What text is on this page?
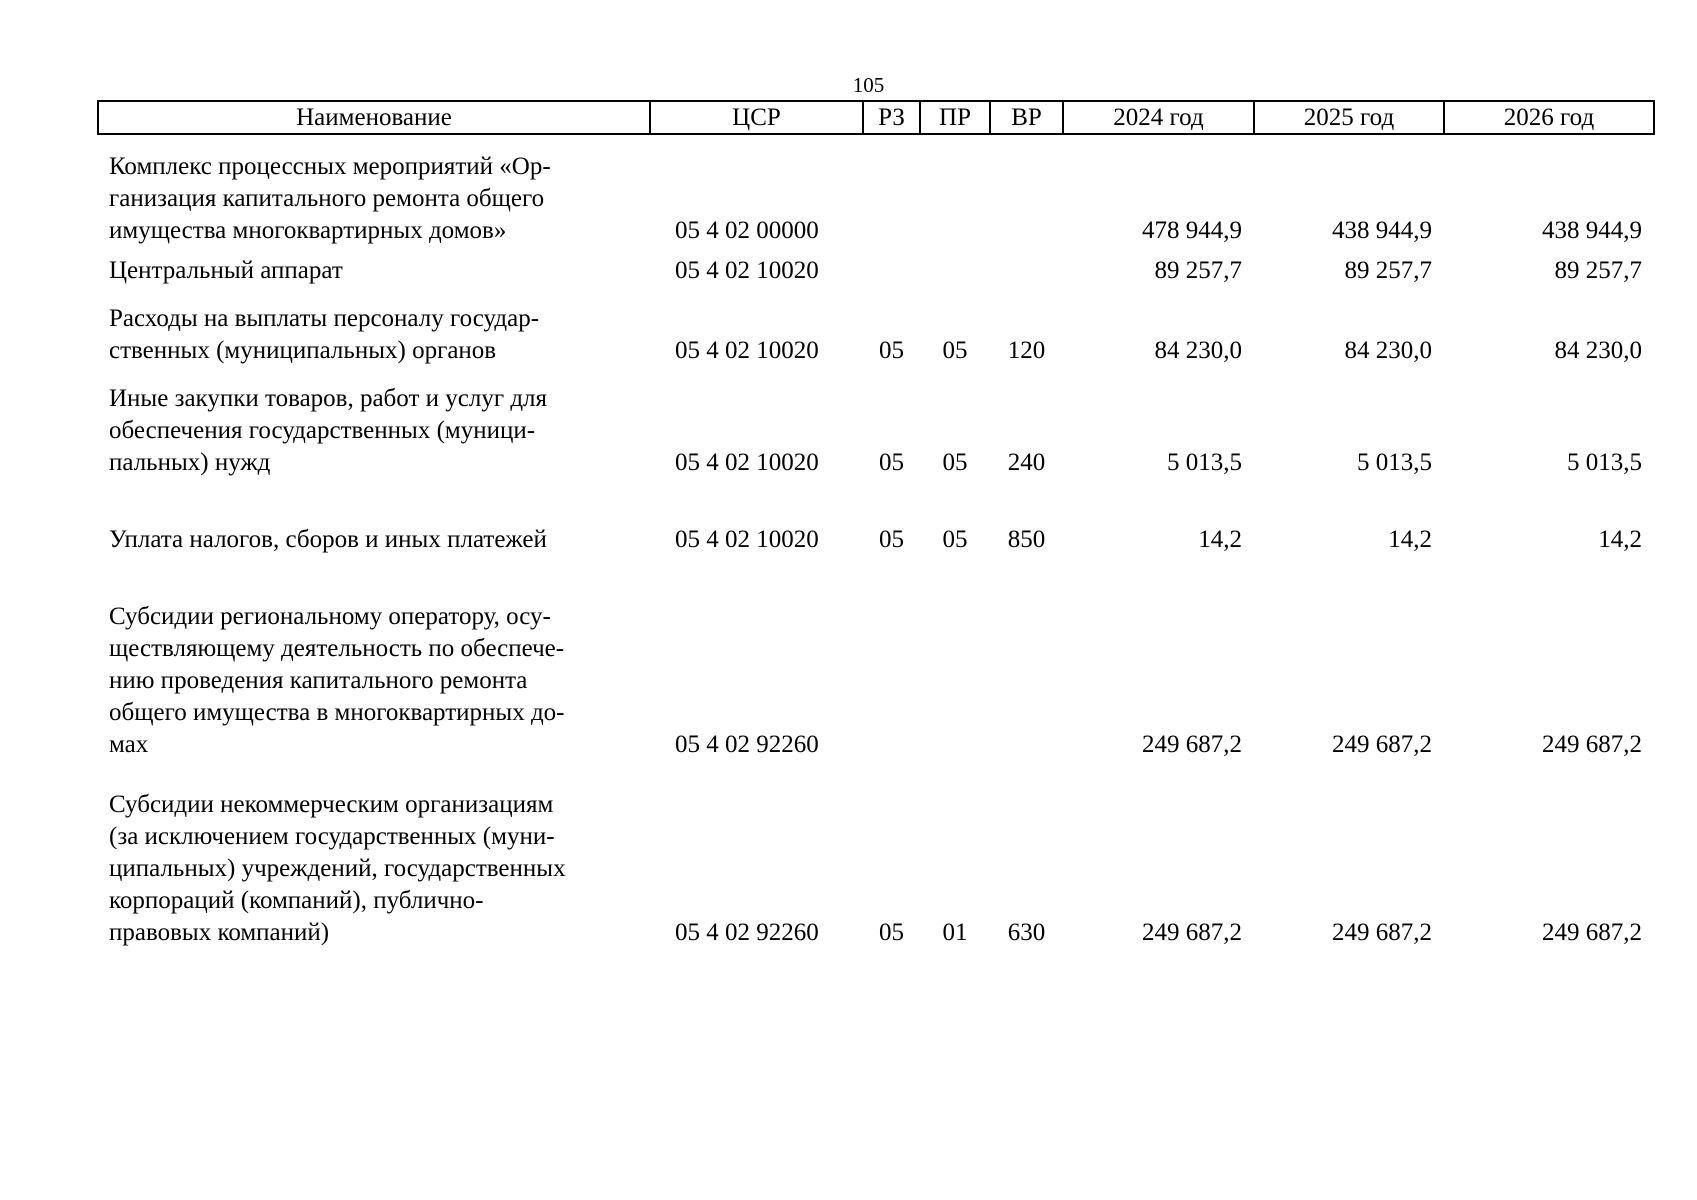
105
Наименование	ЦСР	РЗ	ПР	ВР	2024 год	2025 год	2026 год

Комплекс процессных мероприятий «Ор-
ганизация капитального ремонта общего
имущества многоквартирных домов»	05 4 02 00000				478 944,9	438 944,9	438 944,9

Центральный аппарат	05 4 02 10020				89 257,7	89 257,7	89 257,7

Расходы на выплаты персоналу государ-
ственных (муниципальных) органов	05 4 02 10020	05	05	120	84 230,0	84 230,0	84 230,0

Иные закупки товаров, работ и услуг для
обеспечения государственных (муници-
пальных) нужд	05 4 02 10020	05	05	240	5 013,5	5 013,5	5 013,5

Уплата налогов, сборов и иных платежей	05 4 02 10020	05	05	850	14,2	14,2	14,2

Субсидии региональному оператору, осу-
ществляющему деятельность по обеспече-
нию проведения капитального ремонта
общего имущества в многоквартирных до-
мах	05 4 02 92260				249 687,2	249 687,2	249 687,2

Субсидии некоммерческим организациям
(за исключением государственных (муни-
ципальных) учреждений, государственных
корпораций (компаний), публично-
правовых компаний)	05 4 02 92260	05	01	630	249 687,2	249 687,2	249 687,2
